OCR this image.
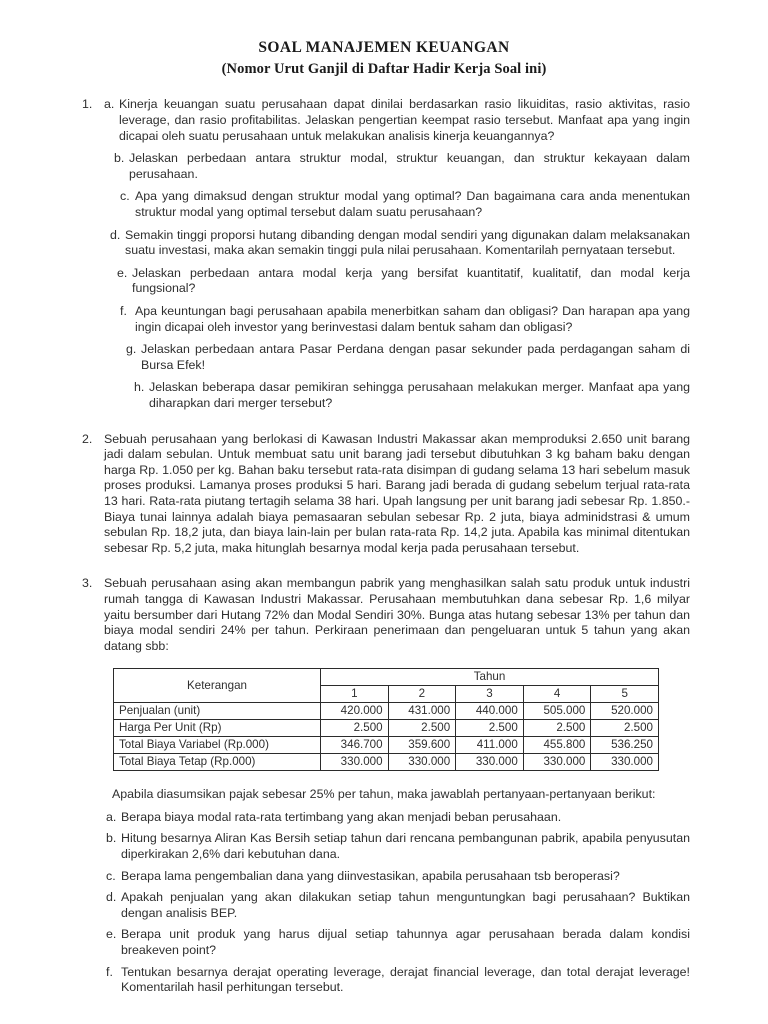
SOAL MANAJEMEN KEUANGAN
(Nomor Urut Ganjil di Daftar Hadir Kerja Soal ini)
1. a. Kinerja keuangan suatu perusahaan dapat dinilai berdasarkan rasio likuiditas, rasio aktivitas, rasio leverage, dan rasio profitabilitas. Jelaskan pengertian keempat rasio tersebut. Manfaat apa yang ingin dicapai oleh suatu perusahaan untuk melakukan analisis kinerja keuangannya?
b. Jelaskan perbedaan antara struktur modal, struktur keuangan, dan struktur kekayaan dalam perusahaan.
c. Apa yang dimaksud dengan struktur modal yang optimal? Dan bagaimana cara anda menentukan struktur modal yang optimal tersebut dalam suatu perusahaan?
d. Semakin tinggi proporsi hutang dibanding dengan modal sendiri yang digunakan dalam melaksanakan suatu investasi, maka akan semakin tinggi pula nilai perusahaan. Komentarilah pernyataan tersebut.
e. Jelaskan perbedaan antara modal kerja yang bersifat kuantitatif, kualitatif, dan modal kerja fungsional?
f. Apa keuntungan bagi perusahaan apabila menerbitkan saham dan obligasi? Dan harapan apa yang ingin dicapai oleh investor yang berinvestasi dalam bentuk saham dan obligasi?
g. Jelaskan perbedaan antara Pasar Perdana dengan pasar sekunder pada perdagangan saham di Bursa Efek!
h. Jelaskan beberapa dasar pemikiran sehingga perusahaan melakukan merger. Manfaat apa yang diharapkan dari merger tersebut?
2. Sebuah perusahaan yang berlokasi di Kawasan Industri Makassar akan memproduksi 2.650 unit barang jadi dalam sebulan. Untuk membuat satu unit barang jadi tersebut dibutuhkan 3 kg baham baku dengan harga Rp. 1.050 per kg. Bahan baku tersebut rata-rata disimpan di gudang selama 13 hari sebelum masuk proses produksi. Lamanya proses produksi 5 hari. Barang jadi berada di gudang sebelum terjual rata-rata 13 hari. Rata-rata piutang tertagih selama 38 hari. Upah langsung per unit barang jadi sebesar Rp. 1.850.- Biaya tunai lainnya adalah biaya pemasaaran sebulan sebesar Rp. 2 juta, biaya adminidstrasi & umum sebulan Rp. 18,2 juta, dan biaya lain-lain per bulan rata-rata Rp. 14,2 juta. Apabila kas minimal ditentukan sebesar Rp. 5,2 juta, maka hitunglah besarnya modal kerja pada perusahaan tersebut.

3. Sebuah perusahaan asing akan membangun pabrik yang menghasilkan salah satu produk untuk industri rumah tangga di Kawasan Industri Makassar. Perusahaan membutuhkan dana sebesar Rp. 1,6 milyar yaitu bersumber dari Hutang 72% dan Modal Sendiri 30%. Bunga atas hutang sebesar 13% per tahun dan biaya modal sendiri 24% per tahun. Perkiraan penerimaan dan pengeluaran untuk 5 tahun yang akan datang sbb:

Keterangan	Tahun				
	1	2	3	4	5
Penjualan (unit)	420.000	431.000	440.000	505.000	520.000
Harga Per Unit (Rp)	2.500	2.500	2.500	2.500	2.500
Total Biaya Variabel (Rp.000)	346.700	359.600	411.000	455.800	536.250
Total Biaya Tetap (Rp.000)	330.000	330.000	330.000	330.000	330.000

Apabila diasumsikan pajak sebesar 25% per tahun, maka jawablah pertanyaan-pertanyaan berikut:

a. Berapa biaya modal rata-rata tertimbang yang akan menjadi beban perusahaan.
b. Hitung besarnya Aliran Kas Bersih setiap tahun dari rencana pembangunan pabrik, apabila penyusutan diperkirakan 2,6% dari kebutuhan dana.
c. Berapa lama pengembalian dana yang diinvestasikan, apabila perusahaan tsb beroperasi?
d. Apakah penjualan yang akan dilakukan setiap tahun menguntungkan bagi perusahaan? Buktikan dengan analisis BEP.
e. Berapa unit produk yang harus dijual setiap tahunnya agar perusahaan berada dalam kondisi breakeven point?
f. Tentukan besarnya derajat operating leverage, derajat financial leverage, dan total derajat leverage! Komentarilah hasil perhitungan tersebut.
